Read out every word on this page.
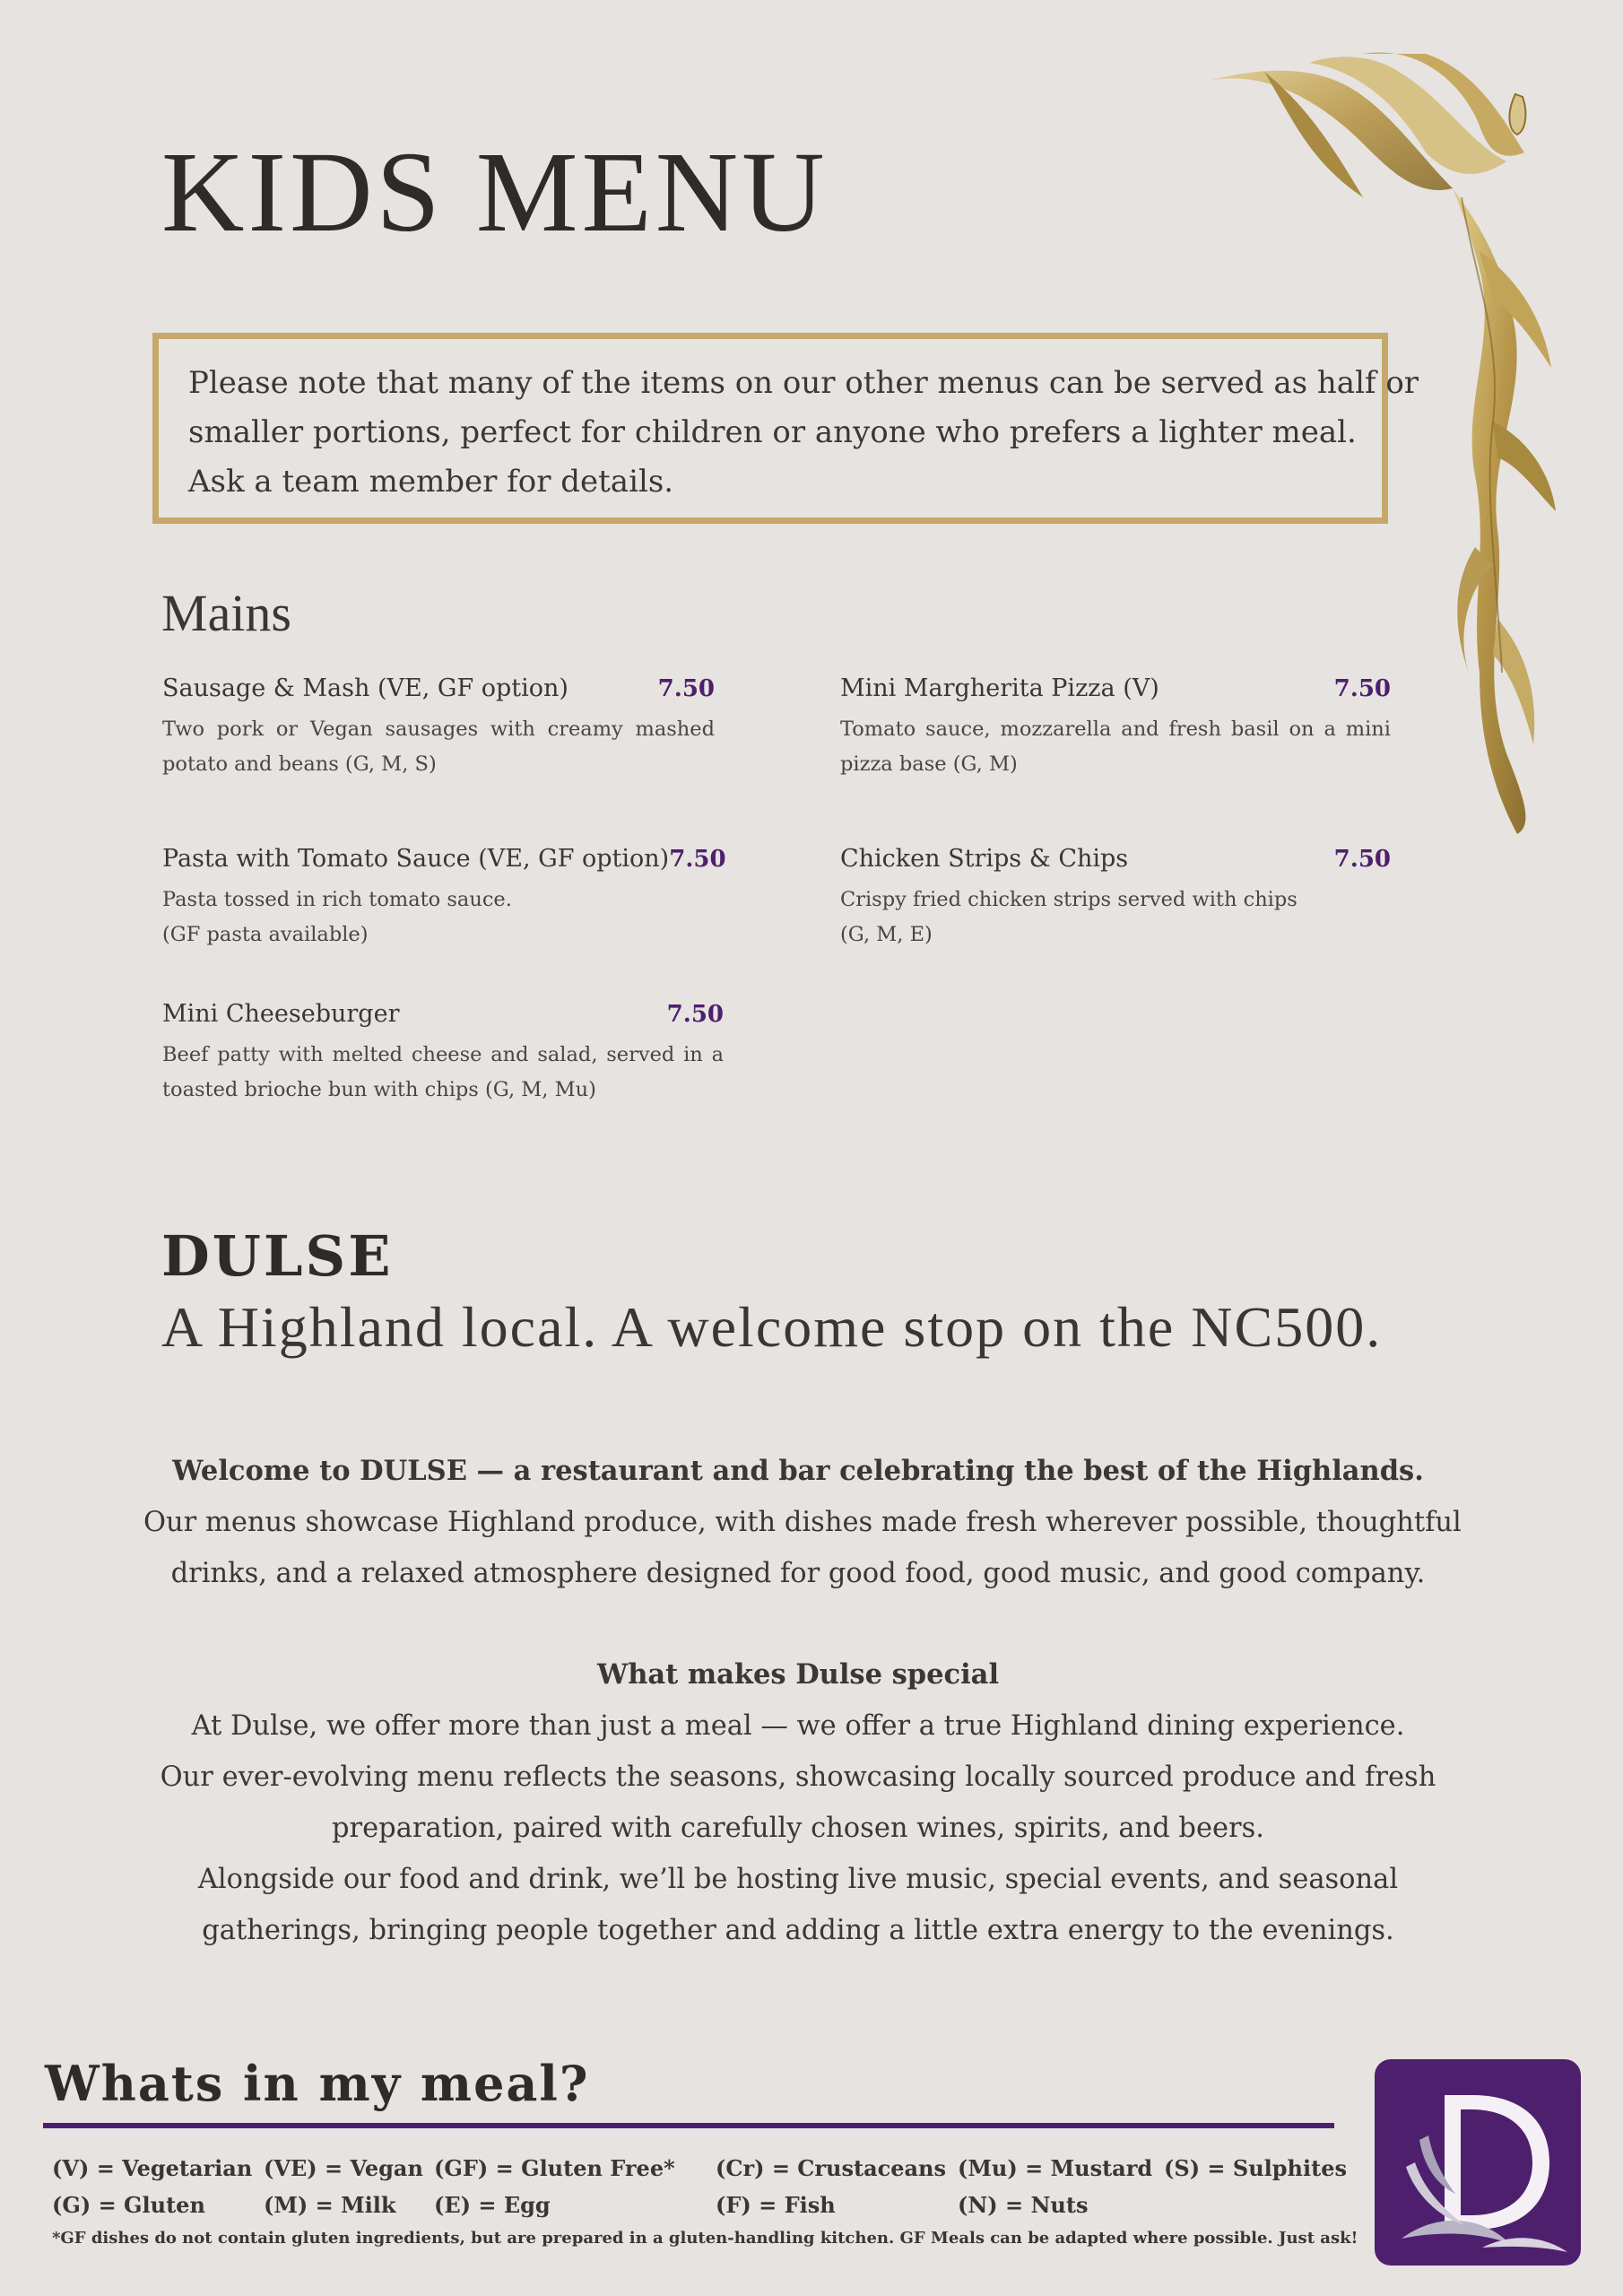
KIDS MENU
Please note that many of the items on our other menus can be served as half or
smaller portions, perfect for children or anyone who prefers a lighter meal.
Ask a team member for details.
Mains
Sausage & Mash (VE, GF option)	7.50
Two pork or Vegan sausages with creamy mashed
potato and beans (G, M, S)
Mini Margherita Pizza (V)	7.50
Tomato sauce, mozzarella and fresh basil on a mini
pizza base (G, M)
Pasta with Tomato Sauce (VE, GF option) 7.50
Pasta tossed in rich tomato sauce.
(GF pasta available)
Chicken Strips & Chips	7.50
Crispy fried chicken strips served with chips
(G, M, E)
Mini Cheeseburger	7.50
Beef patty with melted cheese and salad, served in a
toasted brioche bun with chips (G, M, Mu)
DULSE
A Highland local. A welcome stop on the NC500.

Welcome to DULSE — a restaurant and bar celebrating the best of the Highlands.

Our menus showcase Highland produce, with dishes made fresh wherever possible, thoughtful

drinks, and a relaxed atmosphere designed for good food, good music, and good company.

What makes Dulse special

At Dulse, we offer more than just a meal — we offer a true Highland dining experience.

Our ever-evolving menu reflects the seasons, showcasing locally sourced produce and fresh

preparation, paired with carefully chosen wines, spirits, and beers.

Alongside our food and drink, we’ll be hosting live music, special events, and seasonal

gatherings, bringing people together and adding a little extra energy to the evenings.

Whats in my meal?
(V) = Vegetarian (VE) = Vegan (GF) = Gluten Free* (Cr) = Crustaceans (Mu) = Mustard (S) = Sulphites
(G) = Gluten	(M) = Milk (E) = Egg	(F) = Fish	(N) = Nuts
*GF dishes do not contain gluten ingredients, but are prepared in a gluten-handling kitchen. GF Meals can be adapted where possible. Just ask!
